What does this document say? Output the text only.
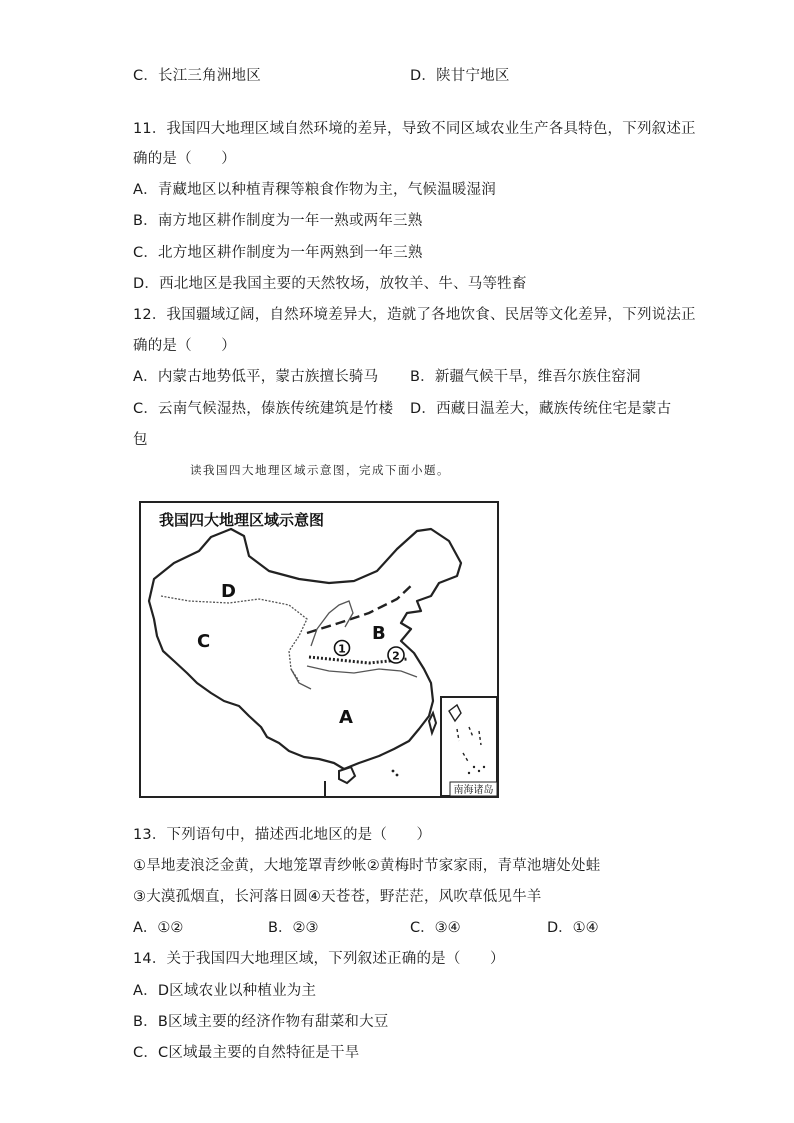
C．长江三角洲地区	D．陕甘宁地区
11．我国四大地理区域自然环境的差异，导致不同区域农业生产各具特色，下列叙述正
确的是（　　）
A．青藏地区以种植青稞等粮食作物为主，气候温暖湿润
B．南方地区耕作制度为一年一熟或两年三熟
C．北方地区耕作制度为一年两熟到一年三熟
D．西北地区是我国主要的天然牧场，放牧羊、牛、马等牲畜
12．我国疆域辽阔，自然环境差异大，造就了各地饮食、民居等文化差异，下列说法正
确的是（　　）
A．内蒙古地势低平，蒙古族擅长骑马 B．新疆气候干旱，维吾尔族住窑洞
C．云南气候湿热，傣族传统建筑是竹楼 D．西藏日温差大，藏族传统住宅是蒙古
包
读我国四大地理区域示意图，完成下面小题。
我国四大地理区域示意图
D
C	B
A
1
2
南海诸岛
13．下列语句中，描述西北地区的是（　　）
①旱地麦浪泛金黄，大地笼罩青纱帐②黄梅时节家家雨，青草池塘处处蛙
③大漠孤烟直，长河落日圆④天苍苍，野茫茫，风吹草低见牛羊
A．①②	B．②③	C．③④	D．①④
14．关于我国四大地理区域，下列叙述正确的是（　　）
A．D区域农业以种植业为主
B．B区域主要的经济作物有甜菜和大豆
C．C区域最主要的自然特征是干旱
